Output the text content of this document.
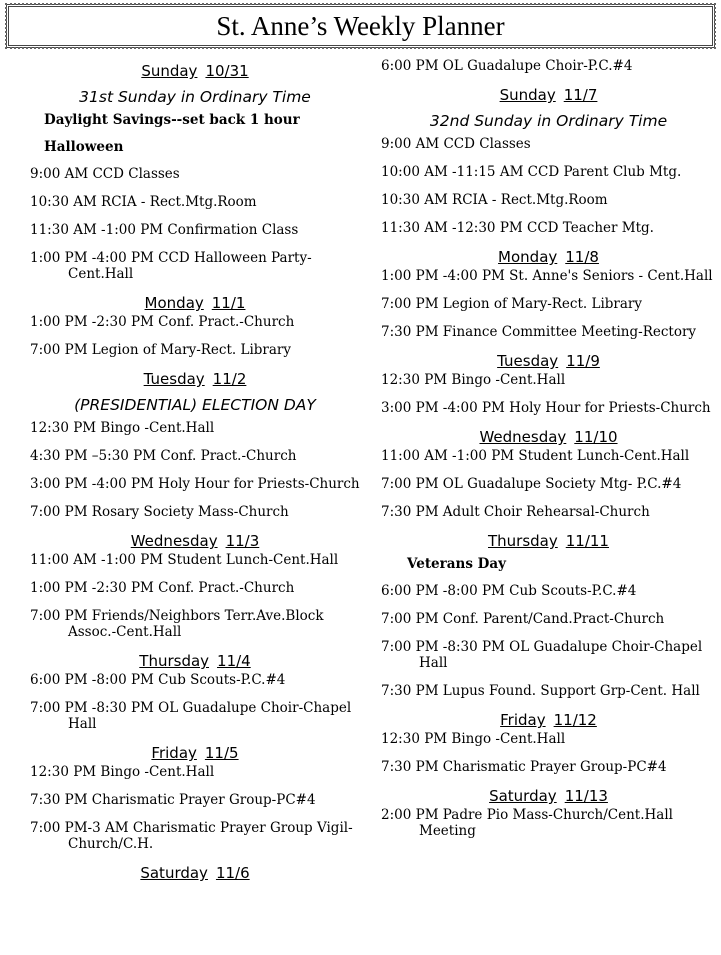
St. Anne’s Weekly Planner
Sunday 10/31
31st Sunday in Ordinary Time
Daylight Savings--set back 1 hour
Halloween
9:00 AM CCD Classes
10:30 AM RCIA - Rect.Mtg.Room
11:30 AM -1:00 PM Confirmation Class
1:00 PM -4:00 PM CCD Halloween Party-Cent.Hall
Monday 11/1
1:00 PM -2:30 PM Conf. Pract.-Church
7:00 PM Legion of Mary-Rect. Library
Tuesday 11/2
(PRESIDENTIAL) ELECTION DAY
12:30 PM Bingo -Cent.Hall
4:30 PM –5:30 PM Conf. Pract.-Church
3:00 PM -4:00 PM Holy Hour for Priests-Church
7:00 PM Rosary Society Mass-Church
Wednesday 11/3
11:00 AM -1:00 PM Student Lunch-Cent.Hall
1:00 PM -2:30 PM Conf. Pract.-Church
7:00 PM Friends/Neighbors Terr.Ave.Block Assoc.-Cent.Hall
Thursday 11/4
6:00 PM -8:00 PM Cub Scouts-P.C.#4
7:00 PM -8:30 PM OL Guadalupe Choir-Chapel Hall
Friday 11/5
12:30 PM Bingo -Cent.Hall
7:30 PM Charismatic Prayer Group-PC#4
7:00 PM-3 AM Charismatic Prayer Group Vigil-Church/C.H.
Saturday 11/6
6:00 PM OL Guadalupe Choir-P.C.#4
Sunday 11/7
32nd Sunday in Ordinary Time
9:00 AM CCD Classes
10:00 AM -11:15 AM CCD Parent Club Mtg.
10:30 AM RCIA - Rect.Mtg.Room
11:30 AM -12:30 PM CCD Teacher Mtg.
Monday 11/8
1:00 PM -4:00 PM St. Anne's Seniors - Cent.Hall
7:00 PM Legion of Mary-Rect. Library
7:30 PM Finance Committee Meeting-Rectory
Tuesday 11/9
12:30 PM Bingo -Cent.Hall
3:00 PM -4:00 PM Holy Hour for Priests-Church
Wednesday 11/10
11:00 AM -1:00 PM Student Lunch-Cent.Hall
7:00 PM OL Guadalupe Society Mtg- P.C.#4
7:30 PM Adult Choir Rehearsal-Church
Thursday 11/11
Veterans Day
6:00 PM -8:00 PM Cub Scouts-P.C.#4
7:00 PM Conf. Parent/Cand.Pract-Church
7:00 PM -8:30 PM OL Guadalupe Choir-Chapel Hall
7:30 PM Lupus Found. Support Grp-Cent. Hall
Friday 11/12
12:30 PM Bingo -Cent.Hall
7:30 PM Charismatic Prayer Group-PC#4
Saturday 11/13
2:00 PM Padre Pio Mass-Church/Cent.Hall Meeting
